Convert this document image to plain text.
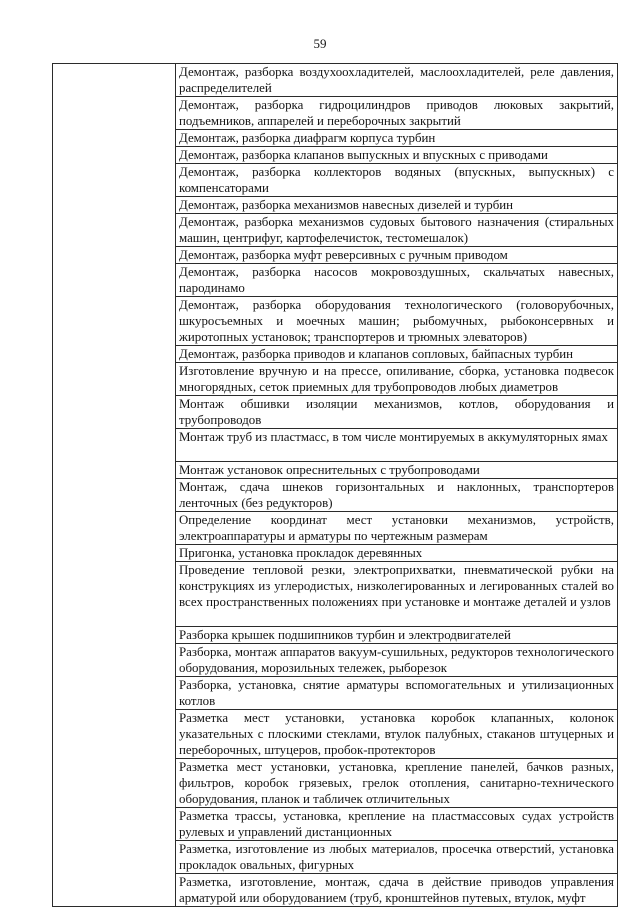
59
	Демонтаж, разборка воздухоохладителей, маслоохладителей, реле давления, распределителей
Демонтаж, разборка гидроцилиндров приводов люковых закрытий, подъемников, аппарелей и переборочных закрытий
Демонтаж, разборка диафрагм корпуса турбин
Демонтаж, разборка клапанов выпускных и впускных с приводами
Демонтаж, разборка коллекторов водяных (впускных, выпускных) с компенсаторами
Демонтаж, разборка механизмов навесных дизелей и турбин
Демонтаж, разборка механизмов судовых бытового назначения (стиральных машин, центрифуг, картофелечисток, тестомешалок)
Демонтаж, разборка муфт реверсивных с ручным приводом
Демонтаж, разборка насосов мокровоздушных, скальчатых навесных, пародинамо
Демонтаж, разборка оборудования технологического (головорубочных, шкуросъемных и моечных машин; рыбомучных, рыбоконсервных и жиротопных установок; транспортеров и трюмных элеваторов)
Демонтаж, разборка приводов и клапанов сопловых, байпасных турбин
Изготовление вручную и на прессе, опиливание, сборка, установка подвесок многорядных, сеток приемных для трубопроводов любых диаметров
Монтаж обшивки изоляции механизмов, котлов, оборудования и трубопроводов
Монтаж труб из пластмасс, в том числе монтируемых в аккумуляторных ямах
Монтаж установок опреснительных с трубопроводами
Монтаж, сдача шнеков горизонтальных и наклонных, транспортеров ленточных (без редукторов)
Определение координат мест установки механизмов, устройств, электроаппаратуры и арматуры по чертежным размерам
Пригонка, установка прокладок деревянных
Проведение тепловой резки, электроприхватки, пневматической рубки на конструкциях из углеродистых, низколегированных и легированных сталей во всех пространственных положениях при установке и монтаже деталей и узлов
Разборка крышек подшипников турбин и электродвигателей
Разборка, монтаж аппаратов вакуум-сушильных, редукторов технологического оборудования, морозильных тележек, рыборезок
Разборка, установка, снятие арматуры вспомогательных и утилизационных котлов
Разметка мест установки, установка коробок клапанных, колонок указательных с плоскими стеклами, втулок палубных, стаканов штуцерных и переборочных, штуцеров, пробок-протекторов
Разметка мест установки, установка, крепление панелей, бачков разных, фильтров, коробок грязевых, грелок отопления, санитарно-технического оборудования, планок и табличек отличительных
Разметка трассы, установка, крепление на пластмассовых судах устройств рулевых и управлений дистанционных
Разметка, изготовление из любых материалов, просечка отверстий, установка прокладок овальных, фигурных
Разметка, изготовление, монтаж, сдача в действие приводов управления арматурой или оборудованием (труб, кронштейнов путевых, втулок, муфт
